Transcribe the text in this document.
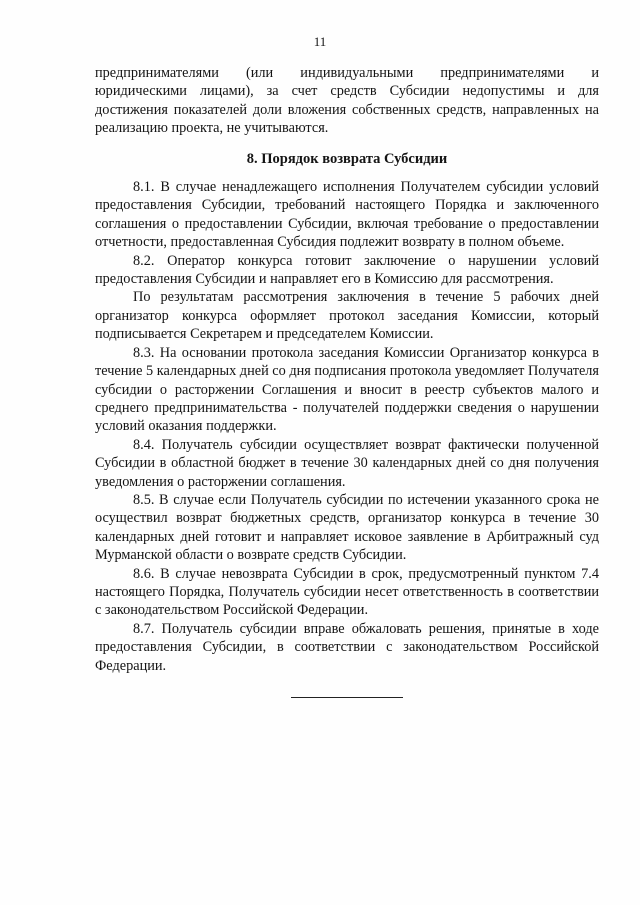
11

предпринимателями (или индивидуальными предпринимателями и юридическими лицами), за счет средств Субсидии недопустимы и для достижения показателей доли вложения собственных средств, направленных на реализацию проекта, не учитываются.

8. Порядок возврата Субсидии

8.1. В случае ненадлежащего исполнения Получателем субсидии условий предоставления Субсидии, требований настоящего Порядка и заключенного соглашения о предоставлении Субсидии, включая требование о предоставлении отчетности, предоставленная Субсидия подлежит возврату в полном объеме.

8.2. Оператор конкурса готовит заключение о нарушении условий предоставления Субсидии и направляет его в Комиссию для рассмотрения.

По результатам рассмотрения заключения в течение 5 рабочих дней организатор конкурса оформляет протокол заседания Комиссии, который подписывается Секретарем и председателем Комиссии.

8.3. На основании протокола заседания Комиссии Организатор конкурса в течение 5 календарных дней со дня подписания протокола уведомляет Получателя субсидии о расторжении Соглашения и вносит в реестр субъектов малого и среднего предпринимательства - получателей поддержки сведения о нарушении условий оказания поддержки.

8.4. Получатель субсидии осуществляет возврат фактически полученной Субсидии в областной бюджет в течение 30 календарных дней со дня получения уведомления о расторжении соглашения.

8.5. В случае если Получатель субсидии по истечении указанного срока не осуществил возврат бюджетных средств, организатор конкурса в течение 30 календарных дней готовит и направляет исковое заявление в Арбитражный суд Мурманской области о возврате средств Субсидии.

8.6. В случае невозврата Субсидии в срок, предусмотренный пунктом 7.4 настоящего Порядка, Получатель субсидии несет ответственность в соответствии с законодательством Российской Федерации.

8.7. Получатель субсидии вправе обжаловать решения, принятые в ходе предоставления Субсидии, в соответствии с законодательством Российской Федерации.
